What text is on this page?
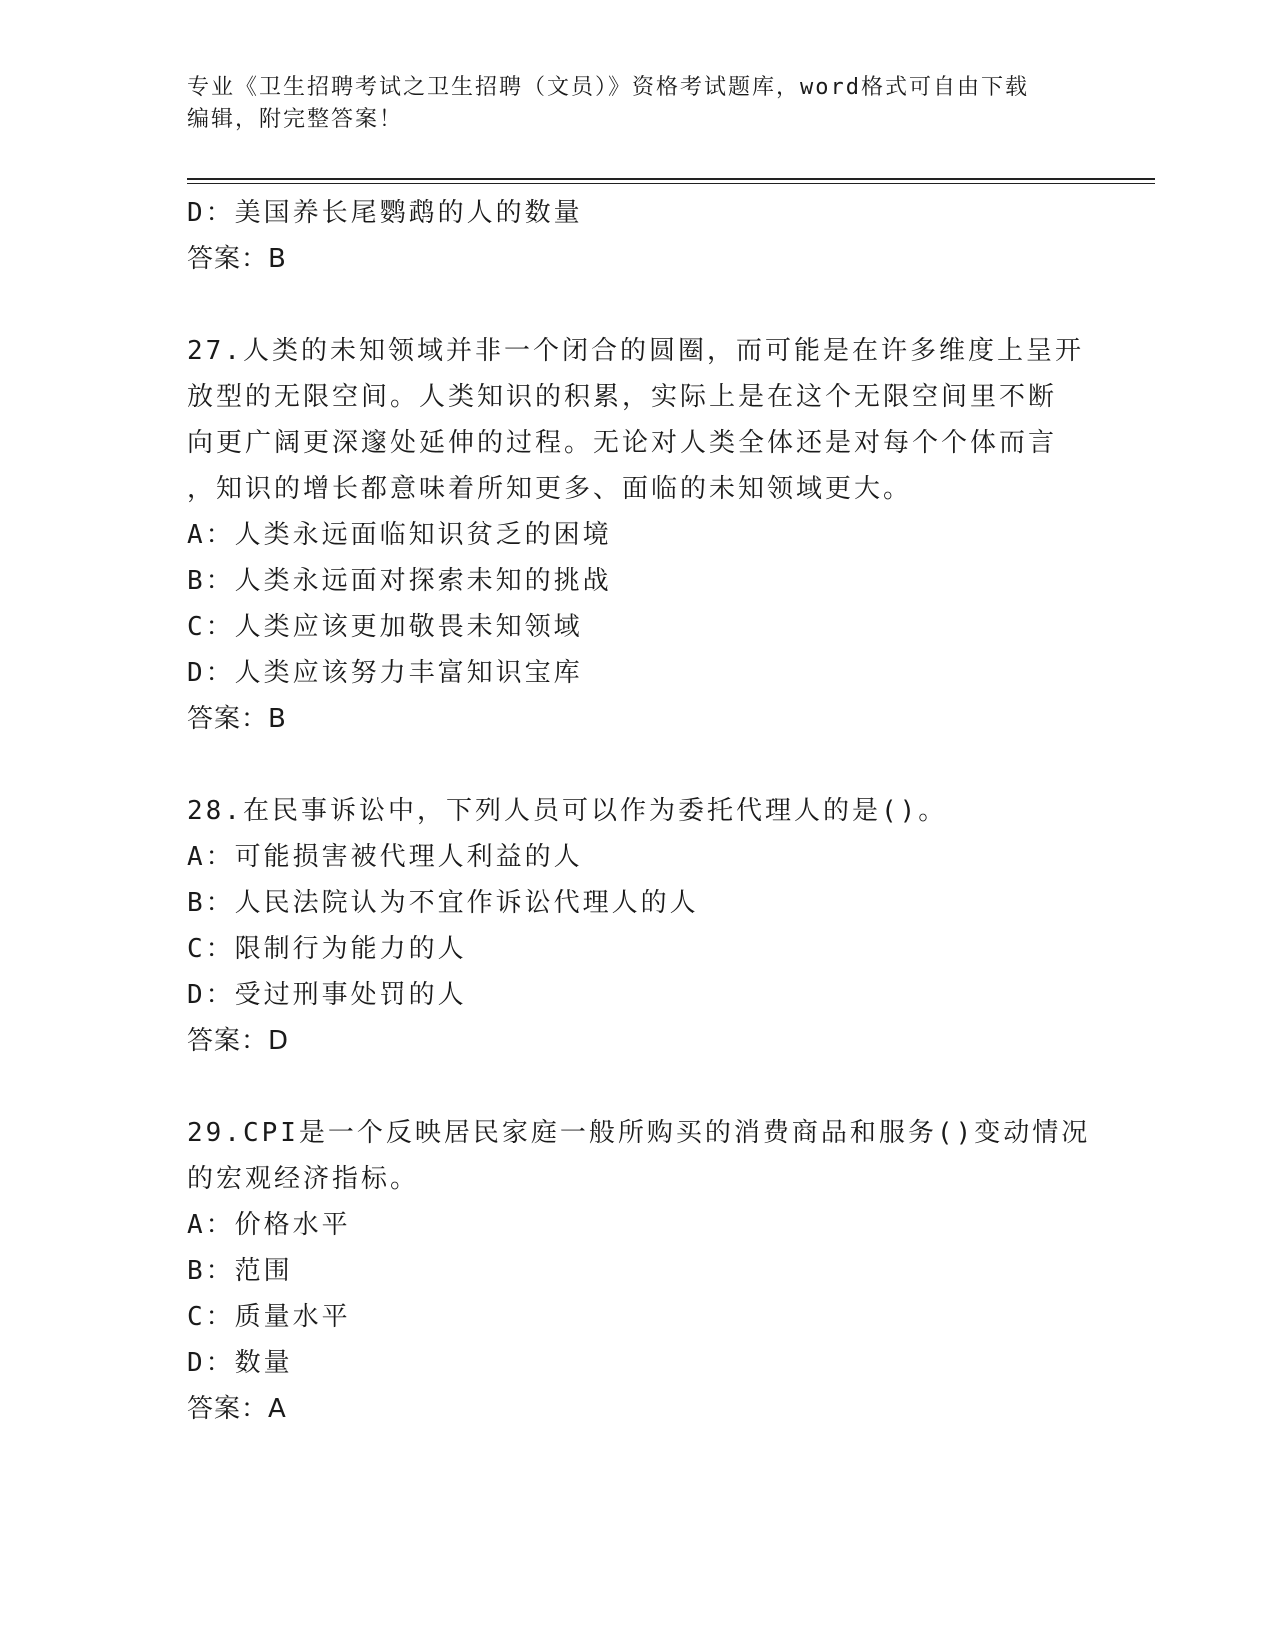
专业《卫生招聘考试之卫生招聘（文员）》资格考试题库，word格式可自由下载
编辑，附完整答案！
D：美国养长尾鹦鹉的人的数量
答案：B
27.人类的未知领域并非一个闭合的圆圈，而可能是在许多维度上呈开
放型的无限空间。人类知识的积累，实际上是在这个无限空间里不断
向更广阔更深邃处延伸的过程。无论对人类全体还是对每个个体而言
，知识的增长都意味着所知更多、面临的未知领域更大。
A：人类永远面临知识贫乏的困境
B：人类永远面对探索未知的挑战
C：人类应该更加敬畏未知领域
D：人类应该努力丰富知识宝库
答案：B
28.在民事诉讼中，下列人员可以作为委托代理人的是()。
A：可能损害被代理人利益的人
B：人民法院认为不宜作诉讼代理人的人
C：限制行为能力的人
D：受过刑事处罚的人
答案：D
29.CPI是一个反映居民家庭一般所购买的消费商品和服务()变动情况
的宏观经济指标。
A：价格水平
B：范围
C：质量水平
D：数量
答案：A
